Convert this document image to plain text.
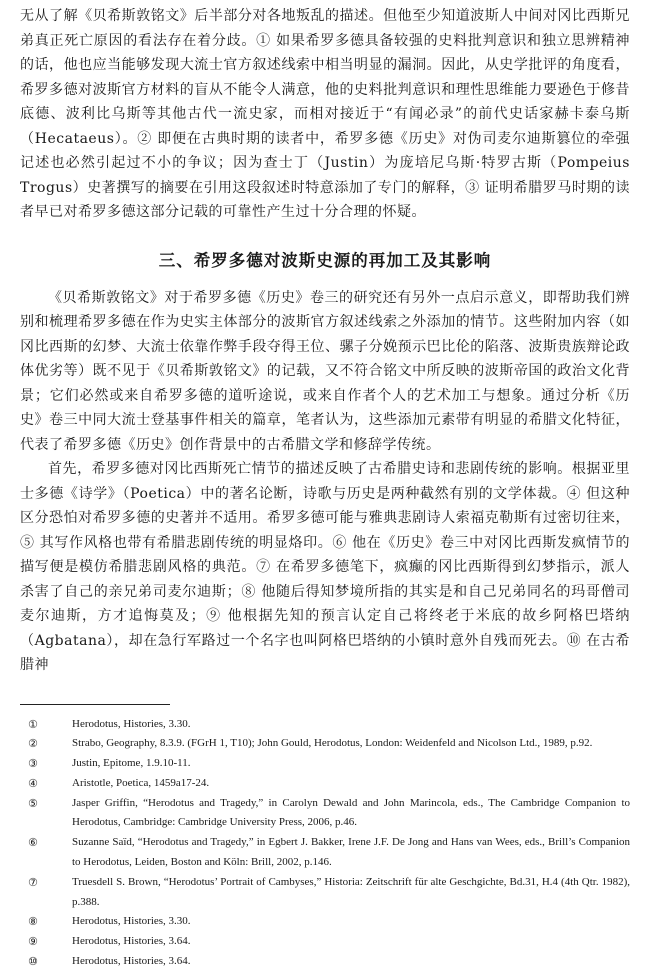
无从了解《贝希斯敦铭文》后半部分对各地叛乱的描述。但他至少知道波斯人中间对冈比西斯兄弟真正死亡原因的看法存在着分歧。① 如果希罗多德具备较强的史料批判意识和独立思辨精神的话，他也应当能够发现大流士官方叙述线索中相当明显的漏洞。因此，从史学批评的角度看，希罗多德对波斯官方材料的盲从不能令人满意，他的史料批判意识和理性思维能力要逊色于修昔底德、波利比乌斯等其他古代一流史家，而相对接近于“有闻必录”的前代史话家赫卡泰乌斯（Hecataeus）。② 即便在古典时期的读者中，希罗多德《历史》对伪司麦尔迪斯篡位的牵强记述也必然引起过不小的争议；因为查士丁（Justin）为庞培尼乌斯·特罗古斯（Pompeius Trogus）史著撰写的摘要在引用这段叙述时特意添加了专门的解释，③ 证明希腊罗马时期的读者早已对希罗多德这部分记载的可靠性产生过十分合理的怀疑。

三、希罗多德对波斯史源的再加工及其影响

《贝希斯敦铭文》对于希罗多德《历史》卷三的研究还有另外一点启示意义，即帮助我们辨别和梳理希罗多德在作为史实主体部分的波斯官方叙述线索之外添加的情节。这些附加内容（如冈比西斯的幻梦、大流士依靠作弊手段夺得王位、骡子分娩预示巴比伦的陷落、波斯贵族辩论政体优劣等）既不见于《贝希斯敦铭文》的记载，又不符合铭文中所反映的波斯帝国的政治文化背景；它们必然或来自希罗多德的道听途说，或来自作者个人的艺术加工与想象。通过分析《历史》卷三中同大流士登基事件相关的篇章，笔者认为，这些添加元素带有明显的希腊文化特征，代表了希罗多德《历史》创作背景中的古希腊文学和修辞学传统。

首先，希罗多德对冈比西斯死亡情节的描述反映了古希腊史诗和悲剧传统的影响。根据亚里士多德《诗学》（Poetica）中的著名论断，诗歌与历史是两种截然有别的文学体裁。④ 但这种区分恐怕对希罗多德的史著并不适用。希罗多德可能与雅典悲剧诗人索福克勒斯有过密切往来，⑤ 其写作风格也带有希腊悲剧传统的明显烙印。⑥ 他在《历史》卷三中对冈比西斯发疯情节的描写便是模仿希腊悲剧风格的典范。⑦ 在希罗多德笔下，疯癫的冈比西斯得到幻梦指示，派人杀害了自己的亲兄弟司麦尔迪斯；⑧ 他随后得知梦境所指的其实是和自己兄弟同名的玛哥僧司麦尔迪斯，方才追悔莫及；⑨ 他根据先知的预言认定自己将终老于米底的故乡阿格巴塔纳（Agbatana），却在急行军路过一个名字也叫阿格巴塔纳的小镇时意外自残而死去。⑩ 在古希腊神

①	Herodotus, Histories, 3.30.
②	Strabo, Geography, 8.3.9. (FGrH 1, T10); John Gould, Herodotus, London: Weidenfeld and Nicolson Ltd., 1989, p.92.
③	Justin, Epitome, 1.9.10-11.
④	Aristotle, Poetica, 1459a17-24.
⑤	Jasper Griffin, “Herodotus and Tragedy,” in Carolyn Dewald and John Marincola, eds., The Cambridge Companion to Herodotus, Cambridge: Cambridge University Press, 2006, p.46.
⑥	Suzanne Saïd, “Herodotus and Tragedy,” in Egbert J. Bakker, Irene J.F. De Jong and Hans van Wees, eds., Brill’s Companion to Herodotus, Leiden, Boston and Köln: Brill, 2002, p.146.
⑦	Truesdell S. Brown, “Herodotus’ Portrait of Cambyses,” Historia: Zeitschrift für alte Geschgichte, Bd.31, H.4 (4th Qtr. 1982), p.388.
⑧	Herodotus, Histories, 3.30.
⑨	Herodotus, Histories, 3.64.
⑩	Herodotus, Histories, 3.64.
